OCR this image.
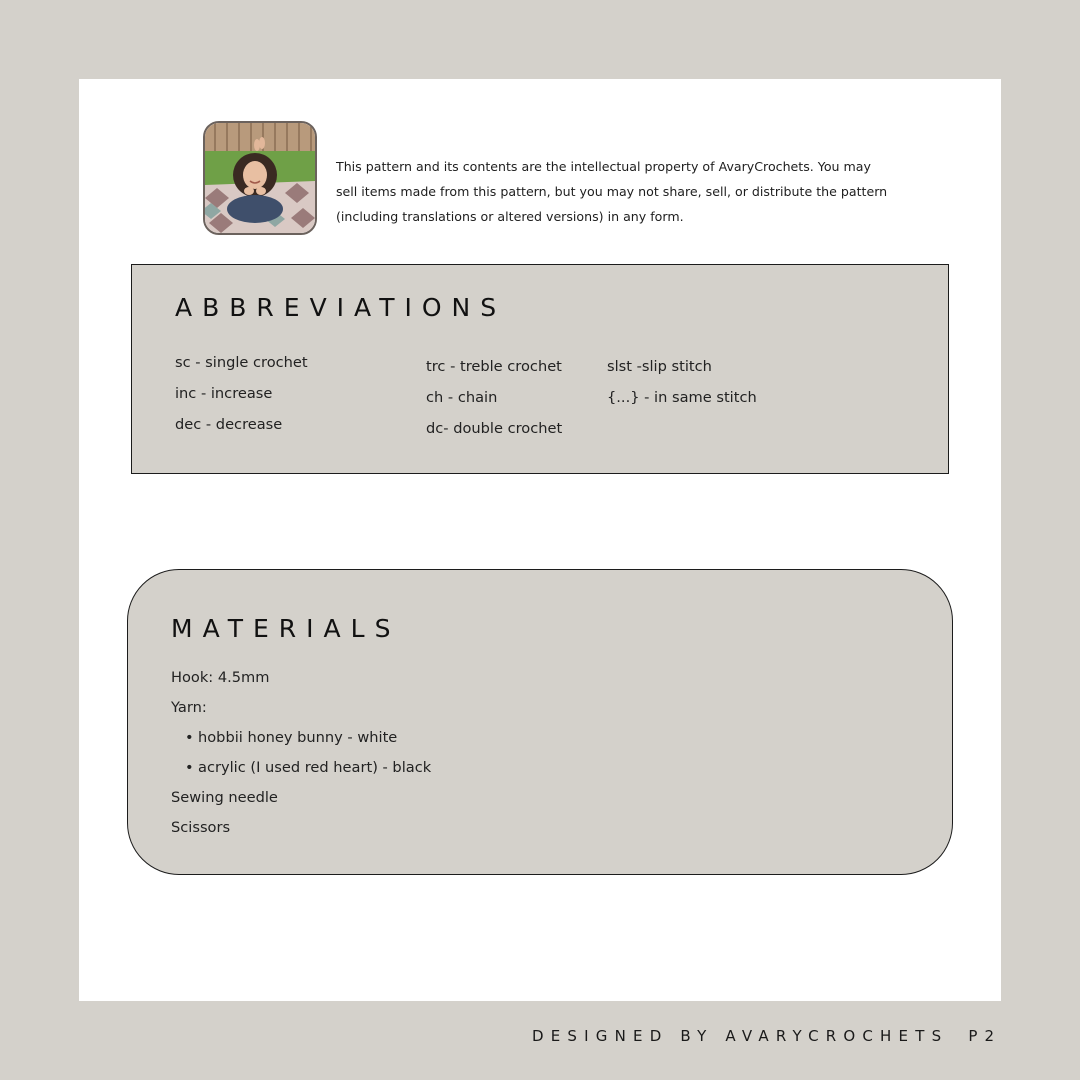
This pattern and its contents are the intellectual property of AvaryCrochets. You may sell items made from this pattern, but you may not share, sell, or distribute the pattern (including translations or altered versions) in any form.

ABBREVIATIONS
sc - single crochet
inc - increase
dec - decrease
trc - treble crochet
ch - chain
dc- double crochet
slst -slip stitch
{...} - in same stitch
MATERIALS
Hook: 4.5mm
Yarn:
• hobbii honey bunny - white
• acrylic (I used red heart) - black
Sewing needle
Scissors
DESIGNED BY AVARYCROCHETS P2
